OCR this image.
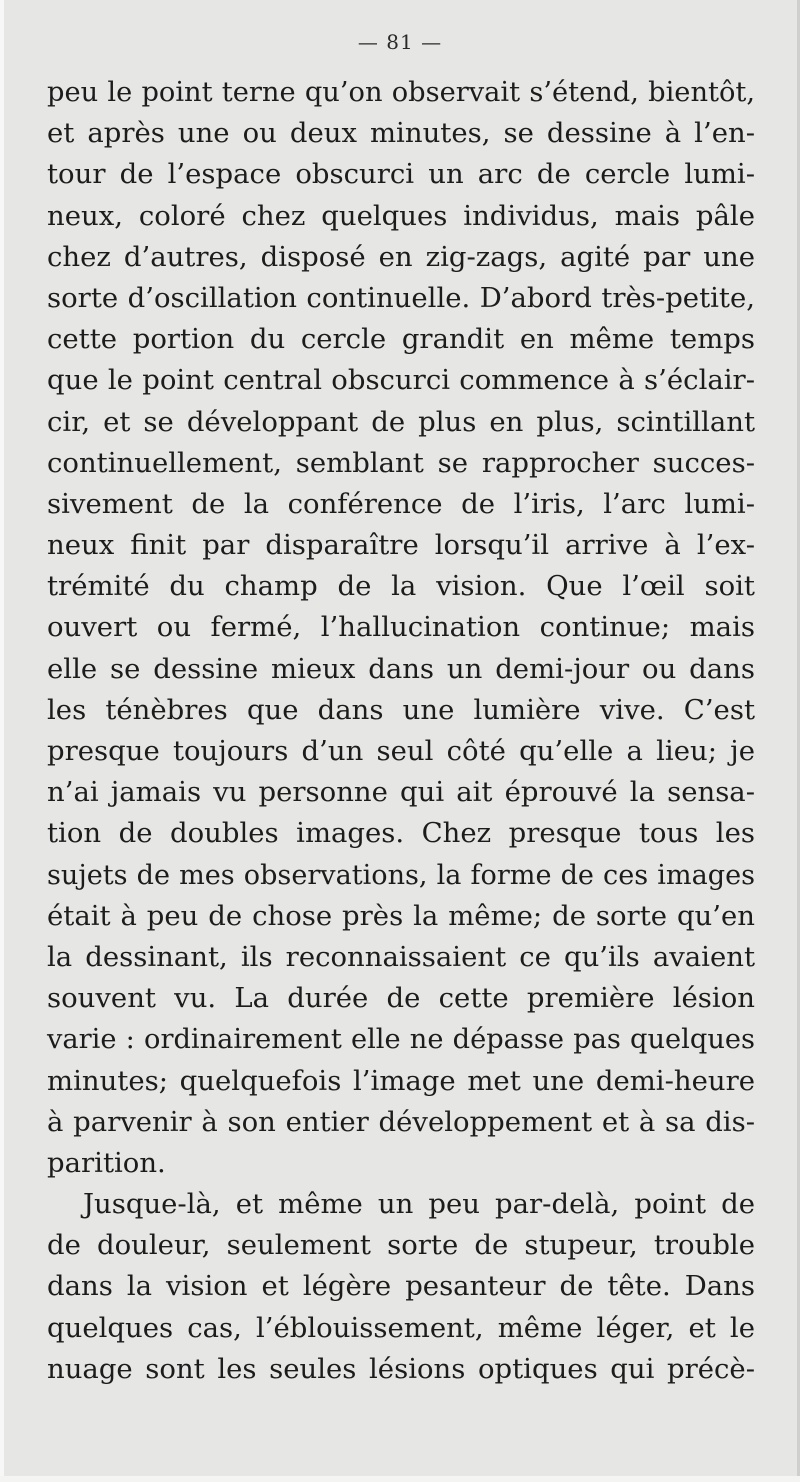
— 81 —
peu le point terne qu’on observait s’étend, bientôt,
et après une ou deux minutes, se dessine à l’en-
tour de l’espace obscurci un arc de cercle lumi-
neux, coloré chez quelques individus, mais pâle
chez d’autres, disposé en zig-zags, agité par une
sorte d’oscillation continuelle. D’abord très-petite,
cette portion du cercle grandit en même temps
que le point central obscurci commence à s’éclair-
cir, et se développant de plus en plus, scintillant
continuellement, semblant se rapprocher succes-
sivement de la conférence de l’iris, l’arc lumi-
neux finit par disparaître lorsqu’il arrive à l’ex-
trémité du champ de la vision. Que l’œil soit
ouvert ou fermé, l’hallucination continue; mais
elle se dessine mieux dans un demi-jour ou dans
les ténèbres que dans une lumière vive. C’est
presque toujours d’un seul côté qu’elle a lieu; je
n’ai jamais vu personne qui ait éprouvé la sensa-
tion de doubles images. Chez presque tous les
sujets de mes observations, la forme de ces images
était à peu de chose près la même; de sorte qu’en
la dessinant, ils reconnaissaient ce qu’ils avaient
souvent vu. La durée de cette première lésion
varie : ordinairement elle ne dépasse pas quelques
minutes; quelquefois l’image met une demi-heure
à parvenir à son entier développement et à sa dis-
parition.
Jusque-là, et même un peu par-delà, point de
de douleur, seulement sorte de stupeur, trouble
dans la vision et légère pesanteur de tête. Dans
quelques cas, l’éblouissement, même léger, et le
nuage sont les seules lésions optiques qui précè-
